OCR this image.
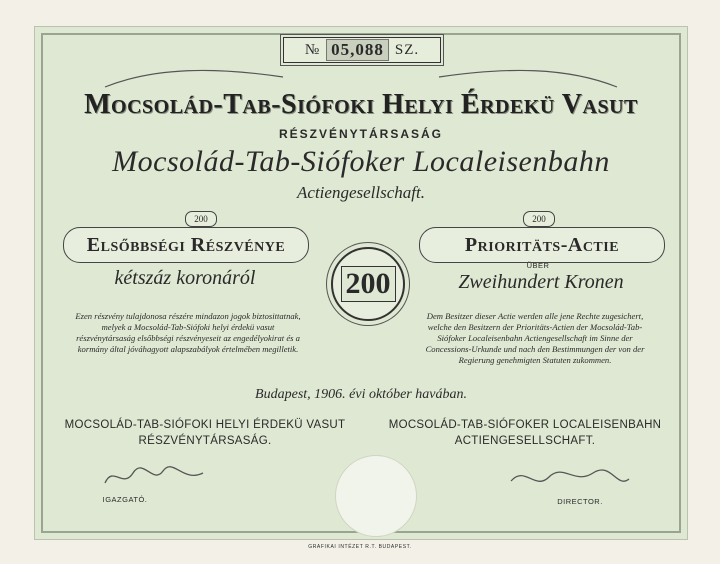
№ 05,088 SZ.
Mocsolád-Tab-Siófoki Helyi Érdekü Vasut
RÉSZVÉNYTÁRSASÁG
Mocsolád-Tab-Siófoker Localeisenbahn
Actiengesellschaft.
200	200
Elsőbbségi Részvénye	Prioritäts-Actie
kétszáz koronáról
ÜBER
Zweihundert Kronen
200
Ezen részvény tulajdonosa részére mindazon jogok biztosittatnak, melyek a Mocsolád-Tab-Siófoki helyi érdekü vasut részvénytársaság elsőbbségi részvényeseit az engedélyokirat és a kormány által jóváhagyott alapszabályok értelmében megilletik.
Dem Besitzer dieser Actie werden alle jene Rechte zugesichert, welche den Besitzern der Prioritäts-Actien der Mocsolád-Tab-Siófoker Localeisenbahn Actiengesellschaft im Sinne der Concessions-Urkunde und nach den Bestimmungen der von der Regierung genehmigten Statuten zukommen.
Budapest, 1906. évi október havában.
MOCSOLÁD-TAB-SIÓFOKI HELYI ÉRDEKÜ VASUT
RÉSZVÉNYTÁRSASÁG.
MOCSOLÁD-TAB-SIÓFOKER LOCALEISENBAHN
ACTIENGESELLSCHAFT.
IGAZGATÓ.	DIRECTOR.
GRAFIKAI INTÉZET R.T. BUDAPEST.
